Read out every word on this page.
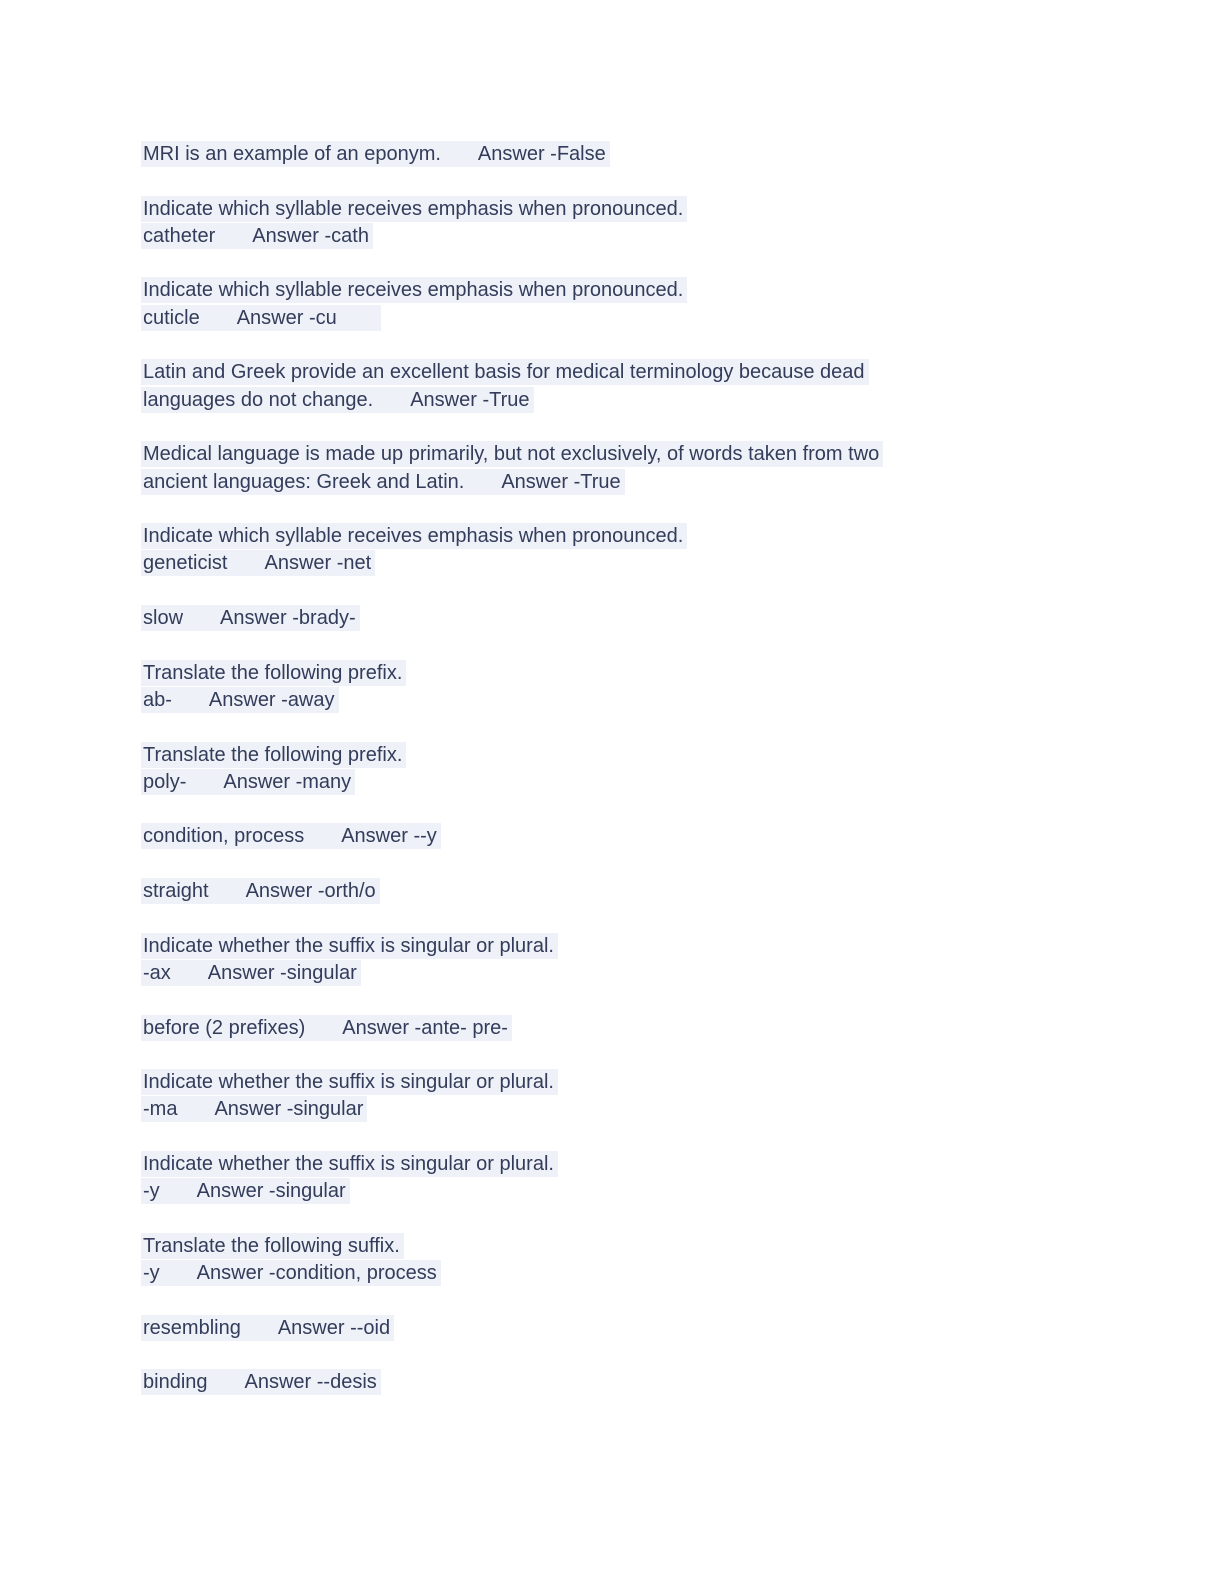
MRI is an example of an eponym. Answer -False
Indicate which syllable receives emphasis when pronounced.
catheter Answer -cath
Indicate which syllable receives emphasis when pronounced.
cuticle Answer -cu
Latin and Greek provide an excellent basis for medical terminology because dead
languages do not change. Answer -True
Medical language is made up primarily, but not exclusively, of words taken from two
ancient languages: Greek and Latin. Answer -True
Indicate which syllable receives emphasis when pronounced.
geneticist Answer -net
slow Answer -brady-
Translate the following prefix.
ab- Answer -away
Translate the following prefix.
poly- Answer -many
condition, process Answer --y
straight Answer -orth/o
Indicate whether the suffix is singular or plural.
-ax Answer -singular
before (2 prefixes) Answer -ante- pre-
Indicate whether the suffix is singular or plural.
-ma Answer -singular
Indicate whether the suffix is singular or plural.
-y Answer -singular
Translate the following suffix.
-y Answer -condition, process
resembling Answer --oid
binding Answer --desis
